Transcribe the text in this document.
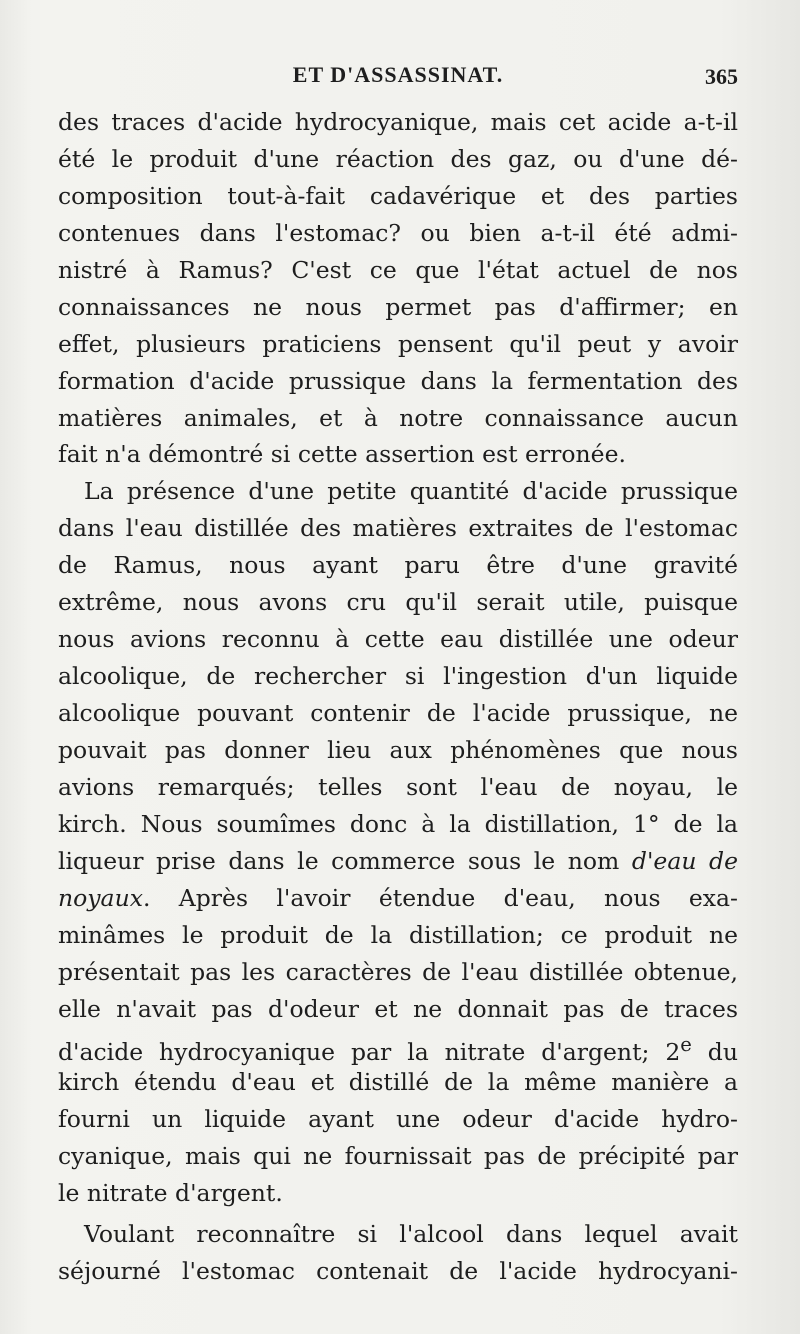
ET D'ASSASSINAT.	365
des traces d'acide hydrocyanique, mais cet acide a-t-il
été le produit d'une réaction des gaz, ou d'une dé-
composition tout-à-fait cadavérique et des parties
contenues dans l'estomac? ou bien a-t-il été admi-
nistré à Ramus? C'est ce que l'état actuel de nos
connaissances ne nous permet pas d'affirmer; en
effet, plusieurs praticiens pensent qu'il peut y avoir
formation d'acide prussique dans la fermentation des
matières animales, et à notre connaissance aucun
fait n'a démontré si cette assertion est erronée.
La présence d'une petite quantité d'acide prussique
dans l'eau distillée des matières extraites de l'estomac
de Ramus, nous ayant paru être d'une gravité
extrême, nous avons cru qu'il serait utile, puisque
nous avions reconnu à cette eau distillée une odeur
alcoolique, de rechercher si l'ingestion d'un liquide
alcoolique pouvant contenir de l'acide prussique, ne
pouvait pas donner lieu aux phénomènes que nous
avions remarqués; telles sont l'eau de noyau, le
kirch. Nous soumîmes donc à la distillation, 1° de la
liqueur prise dans le commerce sous le nom d'eau de
noyaux. Après l'avoir étendue d'eau, nous exa-
minâmes le produit de la distillation; ce produit ne
présentait pas les caractères de l'eau distillée obtenue,
elle n'avait pas d'odeur et ne donnait pas de traces
d'acide hydrocyanique par la nitrate d'argent; 2e du
kirch étendu d'eau et distillé de la même manière a
fourni un liquide ayant une odeur d'acide hydro-
cyanique, mais qui ne fournissait pas de précipité par
le nitrate d'argent.
Voulant reconnaître si l'alcool dans lequel avait
séjourné l'estomac contenait de l'acide hydrocyani-
